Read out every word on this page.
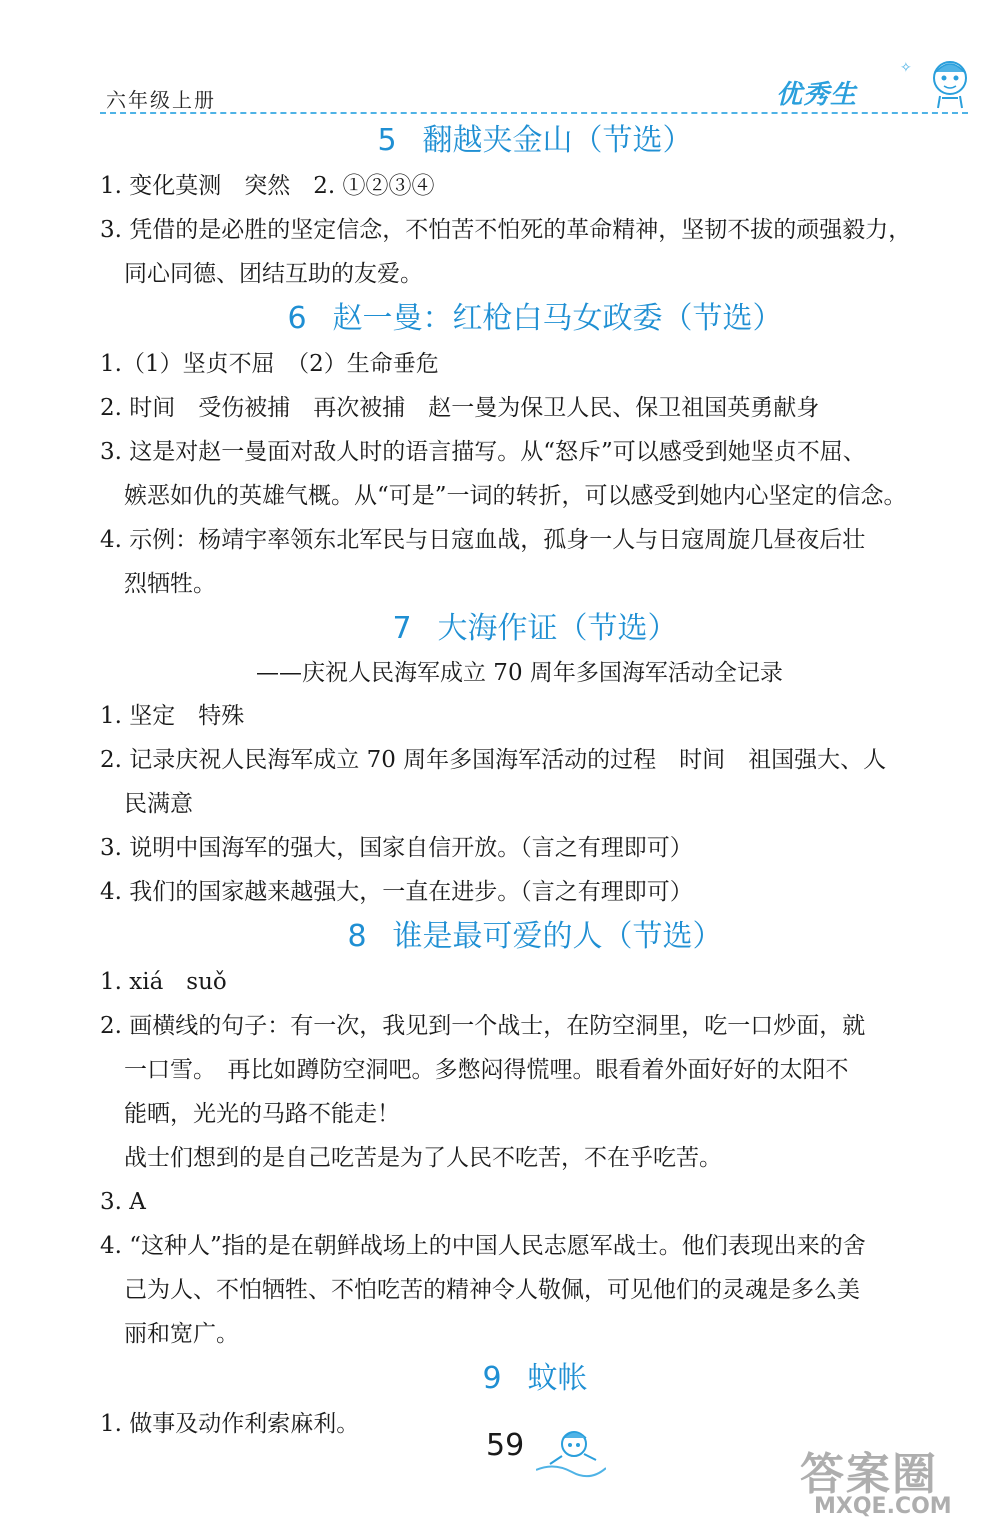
六年级上册	优秀生
✧
5 翻越夹金山（节选）
1. 变化莫测　突然　2. ①②③④
3. 凭借的是必胜的坚定信念，不怕苦不怕死的革命精神，坚韧不拔的顽强毅力，
同心同德、团结互助的友爱。
6 赵一曼：红枪白马女政委（节选）
1.（1）坚贞不屈　（2）生命垂危
2. 时间　受伤被捕　再次被捕　赵一曼为保卫人民、保卫祖国英勇献身
3. 这是对赵一曼面对敌人时的语言描写。从“怒斥”可以感受到她坚贞不屈、
嫉恶如仇的英雄气概。从“可是”一词的转折，可以感受到她内心坚定的信念。
4. 示例：杨靖宇率领东北军民与日寇血战，孤身一人与日寇周旋几昼夜后壮
烈牺牲。
7 大海作证（节选）
——庆祝人民海军成立 70 周年多国海军活动全记录
1. 坚定　特殊
2. 记录庆祝人民海军成立 70 周年多国海军活动的过程　时间　祖国强大、人
民满意
3. 说明中国海军的强大，国家自信开放。（言之有理即可）
4. 我们的国家越来越强大，一直在进步。（言之有理即可）
8 谁是最可爱的人（节选）
1. xiá　suǒ
2. 画横线的句子：有一次，我见到一个战士，在防空洞里，吃一口炒面，就
一口雪。　再比如蹲防空洞吧。多憋闷得慌哩。眼看着外面好好的太阳不
能晒，光光的马路不能走！
战士们想到的是自己吃苦是为了人民不吃苦，不在乎吃苦。
3. A
4. “这种人”指的是在朝鲜战场上的中国人民志愿军战士。他们表现出来的舍
己为人、不怕牺牲、不怕吃苦的精神令人敬佩，可见他们的灵魂是多么美
丽和宽广。
9 蚊帐
1. 做事及动作利索麻利。
59
答案圈
MXQE.COM
